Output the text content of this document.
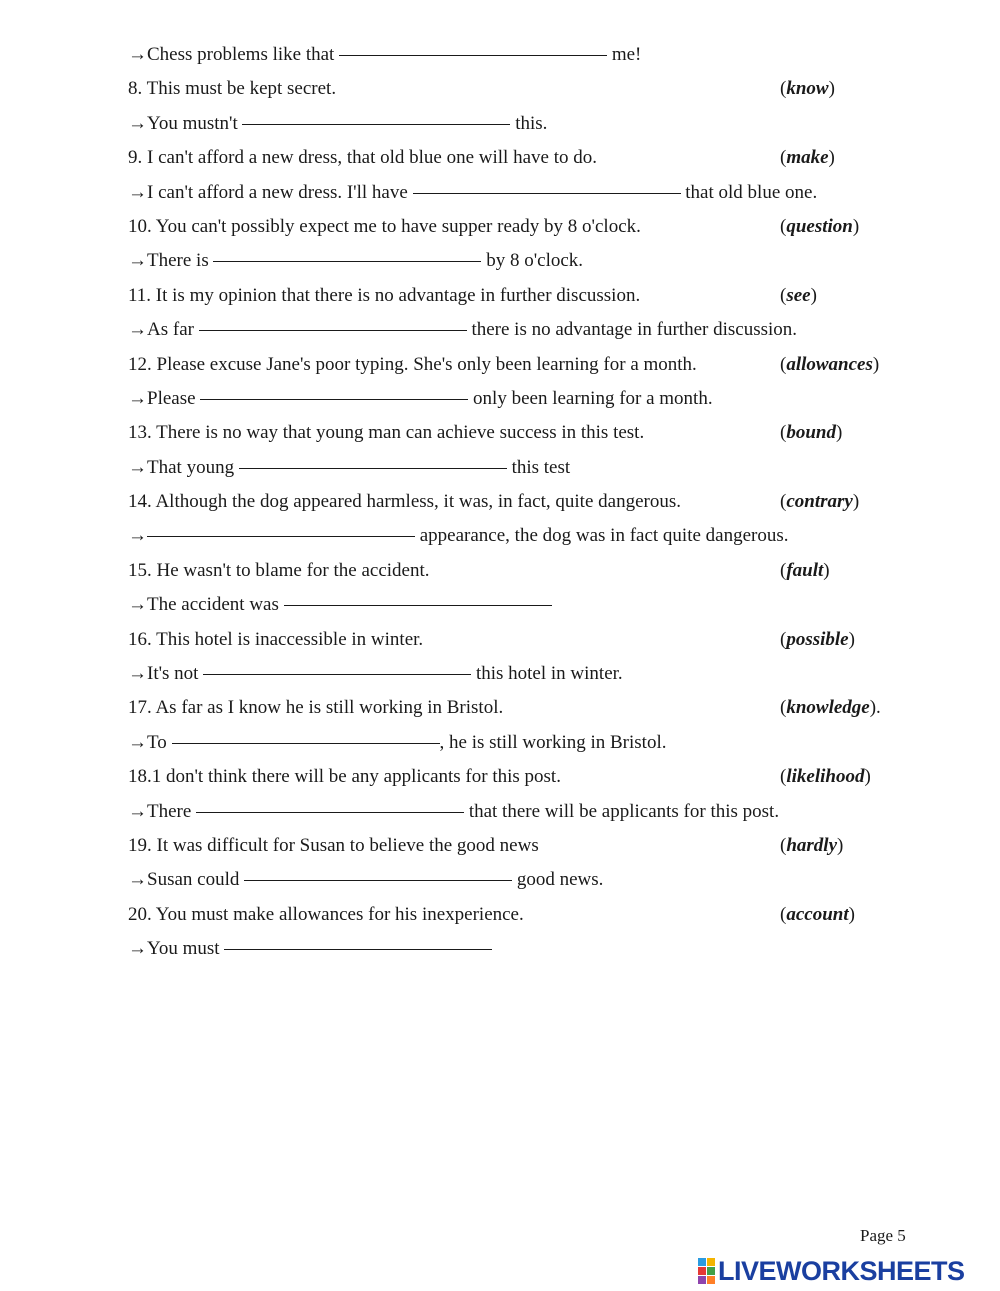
→Chess problems like that	me!
8. This must be kept secret.	(know)
→You mustn't	this.
9. I can't afford a new dress, that old blue one will have to do.	(make)
→I can't afford a new dress. I'll have	that old blue one.
10. You can't possibly expect me to have supper ready by 8 o'clock.	(question)
→There is	by 8 o'clock.
11. It is my opinion that there is no advantage in further discussion.	(see)
→As far	there is no advantage in further discussion.
12. Please excuse Jane's poor typing. She's only been learning for a month.	(allowances)
→Please	only been learning for a month.
13. There is no way that young man can achieve success in this test.	(bound)
→That young	this test
14. Although the dog appeared harmless, it was, in fact, quite dangerous.	(contrary)
→	appearance, the dog was in fact quite dangerous.
15. He wasn't to blame for the accident.	(fault)
→The accident was
16. This hotel is inaccessible in winter.	(possible)
→It's not	this hotel in winter.
17. As far as I know he is still working in Bristol.	(knowledge).
→To	, he is still working in Bristol.
18.1 don't think there will be any applicants for this post.	(likelihood)
→There	that there will be applicants for this post.
19. It was difficult for Susan to believe the good news	(hardly)
→Susan could	good news.
20. You must make allowances for his inexperience.	(account)
→You must
Page 5
LIVEWORKSHEETS
